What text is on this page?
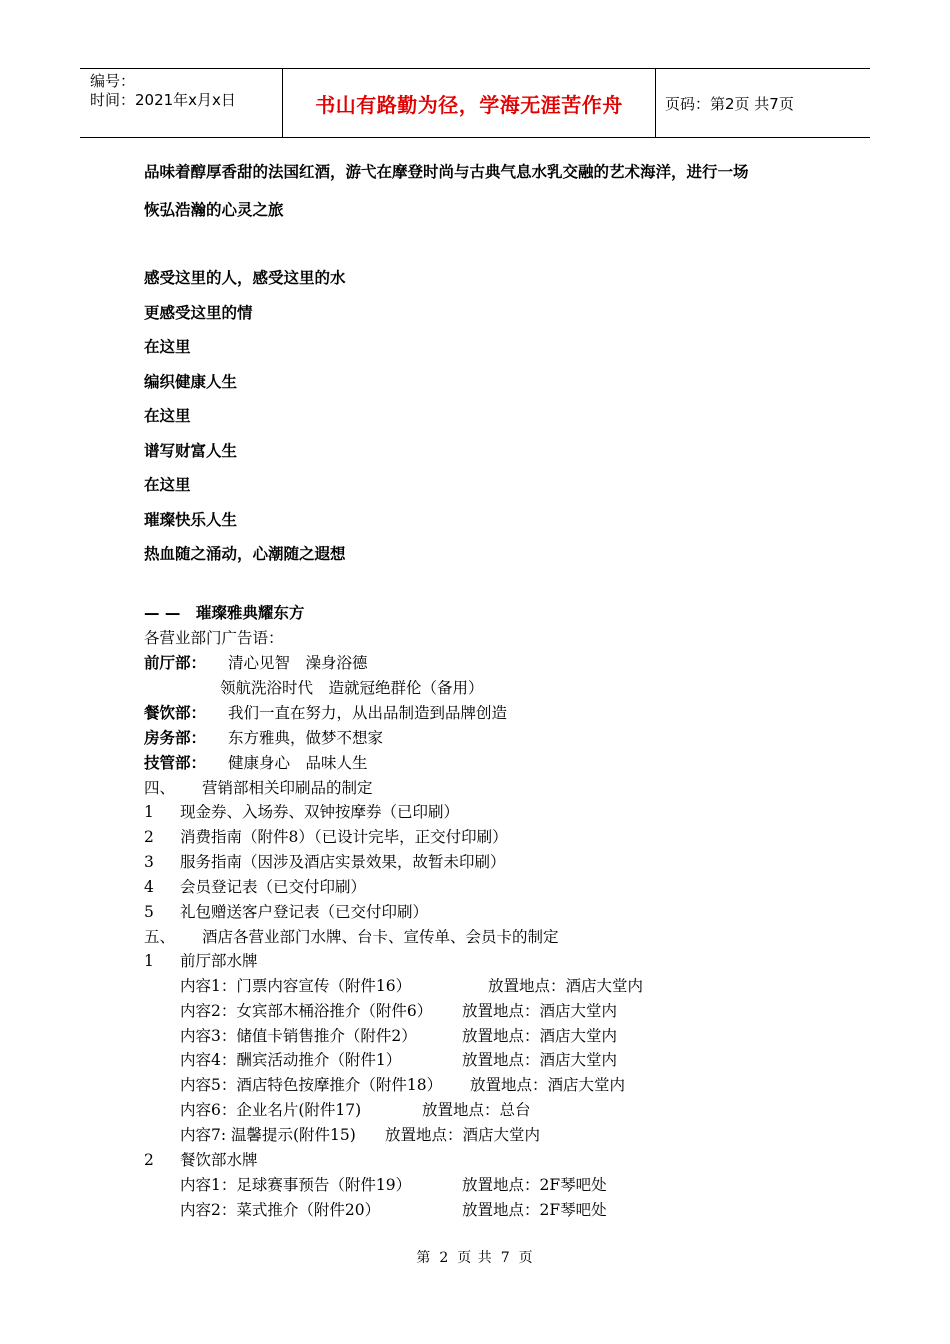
编号：
时间：2021年x月x日	书山有路勤为径，学海无涯苦作舟	页码：第2页 共7页
品味着醇厚香甜的法国红酒，游弋在摩登时尚与古典气息水乳交融的艺术海洋，进行一场
恢弘浩瀚的心灵之旅
感受这里的人，感受这里的水
更感受这里的情
在这里
编织健康人生
在这里
谱写财富人生
在这里
璀璨快乐人生
热血随之涌动，心潮随之遐想
— —　璀璨雅典耀东方
各营业部门广告语：
前厅部： 清心见智　澡身浴德
领航洗浴时代　造就冠绝群伦（备用）
餐饮部： 我们一直在努力，从出品制造到品牌创造
房务部： 东方雅典，做梦不想家
技管部： 健康身心　品味人生
四、 营销部相关印刷品的制定
1 现金券、入场券、双钟按摩券（已印刷）
2 消费指南（附件8）（已设计完毕，正交付印刷）
3 服务指南（因涉及酒店实景效果，故暂未印刷）
4 会员登记表（已交付印刷）
5 礼包赠送客户登记表（已交付印刷）
五、 酒店各营业部门水牌、台卡、宣传单、会员卡的制定
1 前厅部水牌
内容1：门票内容宣传（附件16）	放置地点：酒店大堂内
内容2：女宾部木桶浴推介（附件6） 放置地点：酒店大堂内
内容3：储值卡销售推介（附件2）	放置地点：酒店大堂内
内容4：酬宾活动推介（附件1）	放置地点：酒店大堂内
内容5：酒店特色按摩推介（附件18） 放置地点：酒店大堂内
内容6：企业名片(附件17)	放置地点：总台
内容7: 温馨提示(附件15) 放置地点：酒店大堂内
2 餐饮部水牌
内容1：足球赛事预告（附件19）	放置地点：2F琴吧处
内容2：菜式推介（附件20）	放置地点：2F琴吧处
第 2 页 共 7 页
